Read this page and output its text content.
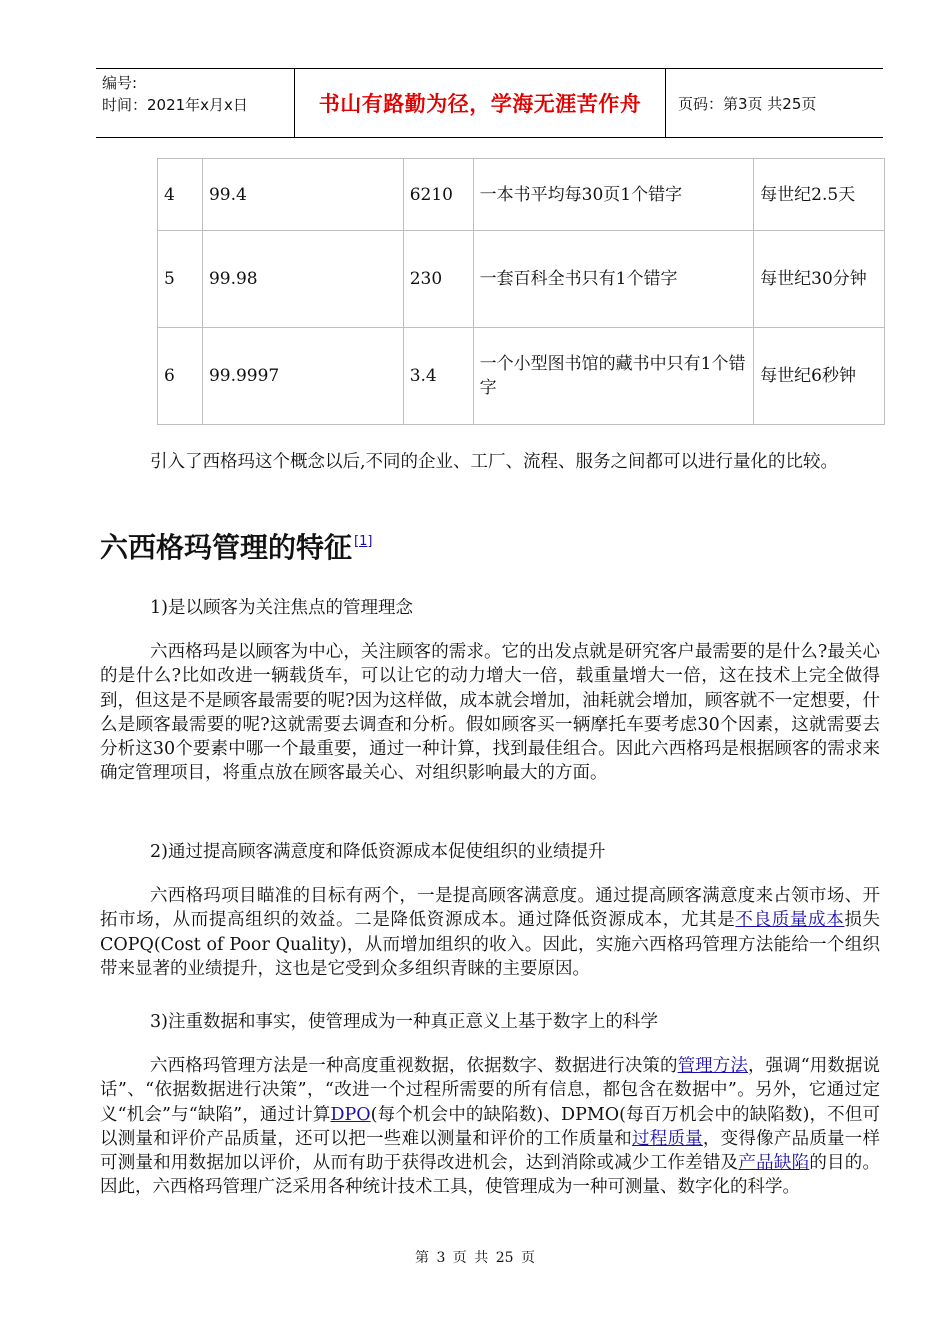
编号:
时间：2021年x月x日	书山有路勤为径，学海无涯苦作舟	页码：第3页 共25页
4	99.4	6210	一本书平均每30页1个错字	每世纪2.5天
5	99.98	230	一套百科全书只有1个错字	每世纪30分钟
6	99.9997	3.4	一个小型图书馆的藏书中只有1个错字	每世纪6秒钟
引入了西格玛这个概念以后,不同的企业、工厂、流程、服务之间都可以进行量化的比较。
六西格玛管理的特征 [1]
1)是以顾客为关注焦点的管理理念
六西格玛是以顾客为中心，关注顾客的需求。它的出发点就是研究客户最需要的是什么?最关心的是什么?比如改进一辆载货车，可以让它的动力增大一倍，载重量增大一倍，这在技术上完全做得到，但这是不是顾客最需要的呢?因为这样做，成本就会增加，油耗就会增加，顾客就不一定想要，什么是顾客最需要的呢?这就需要去调查和分析。假如顾客买一辆摩托车要考虑30个因素，这就需要去分析这30个要素中哪一个最重要，通过一种计算，找到最佳组合。因此六西格玛是根据顾客的需求来确定管理项目，将重点放在顾客最关心、对组织影响最大的方面。
2)通过提高顾客满意度和降低资源成本促使组织的业绩提升
六西格玛项目瞄准的目标有两个，一是提高顾客满意度。通过提高顾客满意度来占领市场、开拓市场，从而提高组织的效益。二是降低资源成本。通过降低资源成本，尤其是不良质量成本损失COPQ(Cost of Poor Quality)，从而增加组织的收入。因此，实施六西格玛管理方法能给一个组织带来显著的业绩提升，这也是它受到众多组织青睐的主要原因。
3)注重数据和事实，使管理成为一种真正意义上基于数字上的科学
六西格玛管理方法是一种高度重视数据，依据数字、数据进行决策的管理方法，强调“用数据说话”、“依据数据进行决策”，“改进一个过程所需要的所有信息，都包含在数据中”。另外，它通过定义“机会”与“缺陷”，通过计算DPO(每个机会中的缺陷数)、DPMO(每百万机会中的缺陷数)，不但可以测量和评价产品质量，还可以把一些难以测量和评价的工作质量和过程质量，变得像产品质量一样可测量和用数据加以评价，从而有助于获得改进机会，达到消除或减少工作差错及产品缺陷的目的。因此，六西格玛管理广泛采用各种统计技术工具，使管理成为一种可测量、数字化的科学。
第 3 页 共 25 页
